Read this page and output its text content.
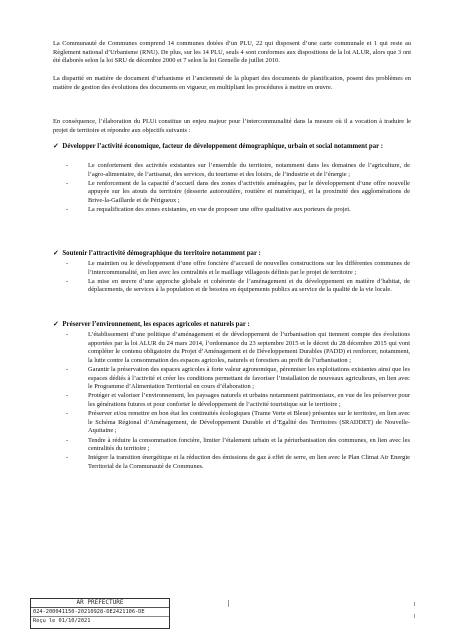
La Communauté de Communes comprend 14 communes dotées d’un PLU, 22 qui disposent d’une carte communale et 1 qui reste au Règlement national d’Urbanisme (RNU). De plus, sur les 14 PLU, seuls 4 sont conformes aux dispositions de la loi ALUR, alors que 3 ont été élaborés selon la loi SRU de décembre 2000 et 7 selon la loi Grenelle de juillet 2010.
La disparité en matière de document d’urbanisme et l’ancienneté de la plupart des documents de planification, posent des problèmes en matière de gestion des évolutions des documents en vigueur, en multipliant les procédures à mettre en œuvre.
En conséquence, l’élaboration du PLUi constitue un enjeu majeur pour l’intercommunalité dans la mesure où il a vocation à traduire le projet de territoire et répondre aux objectifs suivants :
✓ Développer l’activité économique, facteur de développement démographique, urbain et social notamment par :
-	Le confortement des activités existantes sur l’ensemble du territoire, notamment dans les domaines de l’agriculture, de l’agro-alimentaire, de l’artisanat, des services, du tourisme et des loisirs, de l’industrie et de l’énergie ;
-	Le renforcement de la capacité d’accueil dans des zones d’activités aménagées, par le développement d’une offre nouvelle appuyée sur les atouts du territoire (desserte autoroutière, routière et numérique), et la proximité des agglomérations de Brive-la-Gaillarde et de Périgueux ;
-	La requalification des zones existantes, en vue de proposer une offre qualitative aux porteurs de projet.
✓ Soutenir l’attractivité démographique du territoire notamment par :
-	Le maintien ou le développement d’une offre foncière d’accueil de nouvelles constructions sur les différentes communes de l’intercommunalité, en lien avec les centralités et le maillage villageois définis par le projet de territoire ;
-	La mise en œuvre d’une approche globale et cohérente de l’aménagement et du développement en matière d’habitat, de déplacements, de services à la population et de besoins en équipements publics au service de la qualité de la vie locale.
✓ Préserver l’environnement, les espaces agricoles et naturels par :
-	L’établissement d’une politique d’aménagement et de développement de l’urbanisation qui tiennent compte des évolutions apportées par la loi ALUR du 24 mars 2014, l’ordonnance du 23 septembre 2015 et le décret du 28 décembre 2015 qui vont compléter le contenu obligatoire du Projet d’Aménagement et de Développement Durables (PADD) et renforcer, notamment, la lutte contre la consommation des espaces agricoles, naturels et forestiers au profit de l’urbanisation ;
-	Garantir la préservation des espaces agricoles à forte valeur agronomique, pérenniser les exploitations existantes ainsi que les espaces dédiés à l’activité et créer les conditions permettant de favoriser l’installation de nouveaux agriculteurs, en lien avec le Programme d’Alimentation Territorial en cours d’élaboration ;
-	Protéger et valoriser l’environnement, les paysages naturels et urbains notamment patrimoniaux, en vue de les préserver pour les générations futures et pour conforter le développement de l’activité touristique sur le territoire ;
-	Préserver et/ou remettre en bon état les continuités écologiques (Trame Verte et Bleue) présentes sur le territoire, en lien avec le Schéma Régional d’Aménagement, de Développement Durable et d’Egalité des Territoires (SRADDET) de Nouvelle-Aquitaine ;
-	Tendre à réduire la consommation foncière, limiter l’étalement urbain et la périurbanisation des communes, en lien avec les centralités du territoire ;
-	Intégrer la transition énergétique et la réduction des émissions de gaz à effet de serre, en lien avec le Plan Climat Air Energie Territorial de la Communauté de Communes.
AR PREFECTURE
024-200041150-20210928-DE2421106-DE
Reçu le 01/10/2021
